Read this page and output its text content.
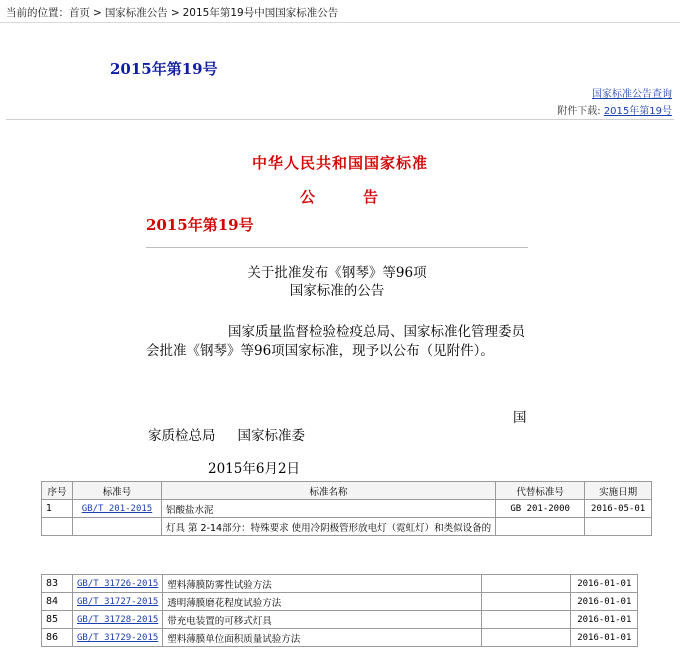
当前的位置：首页 > 国家标准公告 > 2015年第19号中国国家标准公告
2015年第19号
国家标准公告查询
附件下载: 2015年第19号
中华人民共和国国家标准
公	告
2015年第19号
关于批准发布《钢琴》等96项
国家标准的公告
国家质量监督检验检疫总局、国家标准化管理委员会批准《钢琴》等96项国家标准，现予以公布（见附件）。
国
家质检总局 国家标准委
2015年6月2日
序号	标准号	标准名称	代替标准号	实施日期
1	GB/T 201-2015	铝酸盐水泥	GB 201-2000	2016-05-01
		灯具 第 2-14部分：特殊要求 使用冷阴极管形放电灯（霓虹灯）和类似设备的		
83	GB/T 31726-2015	塑料薄膜防雾性试验方法		2016-01-01
84	GB/T 31727-2015	透明薄膜磨花程度试验方法		2016-01-01
85	GB/T 31728-2015	带充电装置的可移式灯具		2016-01-01
86	GB/T 31729-2015	塑料薄膜单位面积质量试验方法		2016-01-01
